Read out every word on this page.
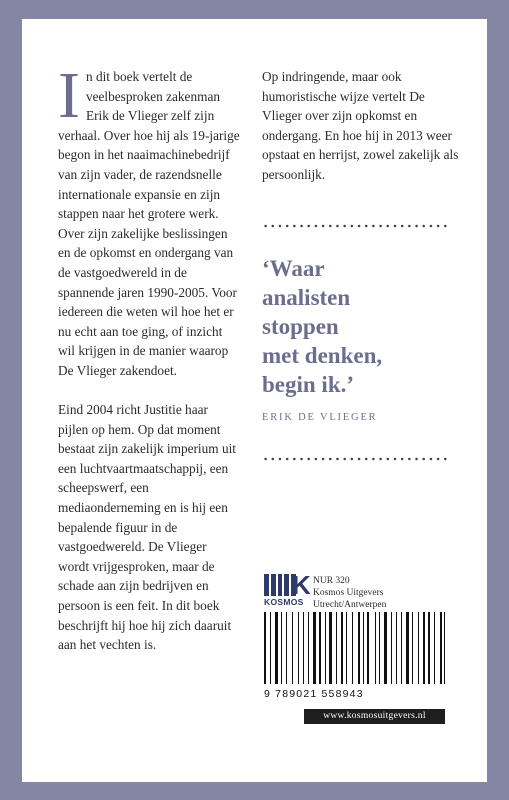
In dit boek vertelt de veelbesproken zakenman Erik de Vlieger zelf zijn verhaal. Over hoe hij als 19-jarige begon in het naaimachinebedrijf van zijn vader, de razendsnelle internationale expansie en zijn stappen naar het grotere werk. Over zijn zakelijke beslissingen en de opkomst en ondergang van de vastgoedwereld in de spannende jaren 1990-2005. Voor iedereen die weten wil hoe het er nu echt aan toe ging, of inzicht wil krijgen in de manier waarop De Vlieger zakendoet.

Eind 2004 richt Justitie haar pijlen op hem. Op dat moment bestaat zijn zakelijk imperium uit een luchtvaartmaatschappij, een scheepswerf, een mediaonderneming en is hij een bepalende figuur in de vastgoedwereld. De Vlieger wordt vrijgesproken, maar de schade aan zijn bedrijven en persoon is een feit. In dit boek beschrijft hij hoe hij zich daaruit aan het vechten is.

Op indringende, maar ook humoristische wijze vertelt De Vlieger over zijn opkomst en ondergang. En hoe hij in 2013 weer opstaat en herrijst, zowel zakelijk als persoonlijk.

‘Waar

analisten

stoppen

met denken,

begin ik.’

ERIK DE VLIEGER
K
KOSMOS
NUR 320
Kosmos Uitgevers
Utrecht/Antwerpen
9 789021 558943
www.kosmosuitgevers.nl
